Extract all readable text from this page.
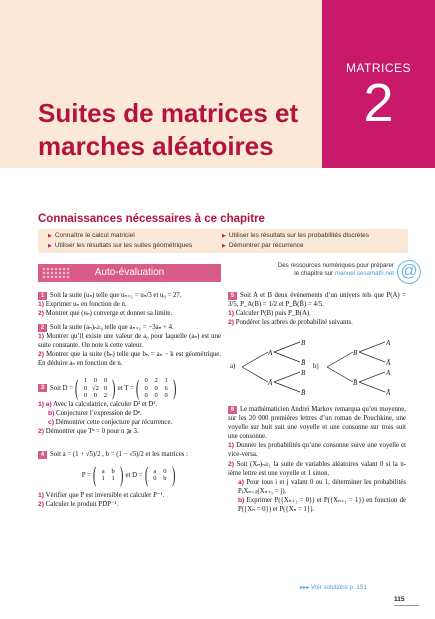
MATRICES
2
Suites de matrices et
marches aléatoires
Connaissances nécessaires à ce chapitre
▶ Connaître le calcul matriciel
▶ Utiliser les résultats sur les suites géométriques
▶ Utiliser les résultats sur les probabilités discrètes
▶ Démontrer par récurrence
Auto-évaluation
Des ressources numériques pour préparer
le chapitre sur manuel.sesamath.net @
1 Soit la suite (uₙ) telle que uₙ₊₁ = uₙ/3 et u₀ = 27.
1) Exprimer uₙ en fonction de n.
2) Montrer que (uₙ) converge et donner sa limite.
2 Soit la suite (aₙ)ₙ≥₀ telle que aₙ₊₁ = −3aₙ + 4.
1) Montrer qu’il existe une valeur de a₀ pour laquelle (aₙ) est une suite constante. On note k cette valeur.
2) Montrer que la suite (bₙ) telle que bₙ = aₙ − k est géométrique. En déduire aₙ en fonction de n.
3 Soit D = ( 1	0	0
0 √2 0
0	0	2 ) et T = ( 0	2	1
0	0	6
0	0	0 )
1) a) Avec la calculatrice, calculer D² et D³.
b) Conjecturer l’expression de Dⁿ.
c) Démontrer cette conjecture par récurrence.
2) Démontrer que Tⁿ = 0 pour n ⩾ 3.
4 Soit a = (1 + √5)/2 , b = (1 − √5)/2 et les matrices :
P = ( a	b
1	1 ) et D = ( a	0
0	b )
1) Vérifier que P est inversible et calculer P⁻¹.
2) Calculer le produit PDP⁻¹.
5 Soit A et B deux évènements d’un univers tels que P(A) = 3/5, P_A(B) = 1/2 et P_B̄(B̄) = 4/5.
1) Calculer P(B) puis P_B(A).
2) Pondérer les arbres de probabilité suivants.
a)
A
Ā
B
B̄
B
B̄
b)
B
B̄
A
Ā
A
Ā
6 Le mathématicien Andreï Markov remarqua qu’en moyenne, sur les 20 000 premières lettres d’un roman de Pouchkine, une voyelle sur huit suit une voyelle et une consonne sur trois suit une consonne.
1) Donner les probabilités qu’une consonne suive une voyelle et vice-versa.
2) Soit (Xₙ)ₙ≥₁ la suite de variables aléatoires valant 0 si la n-ième lettre est une voyelle et 1 sinon.
a) Pour tous i et j valant 0 ou 1, déterminer les probabilités P₍Xₙ₌ᵢ₎(Xₙ₊₁ = j).
b) Exprimer P({Xₙ₊₁ = 0}) et P({Xₙ₊₁ = 1}) en fonction de P({Xₙ = 0}) et P({Xₙ = 1}).
▸▸▸ Voir solutions p. 151
115
